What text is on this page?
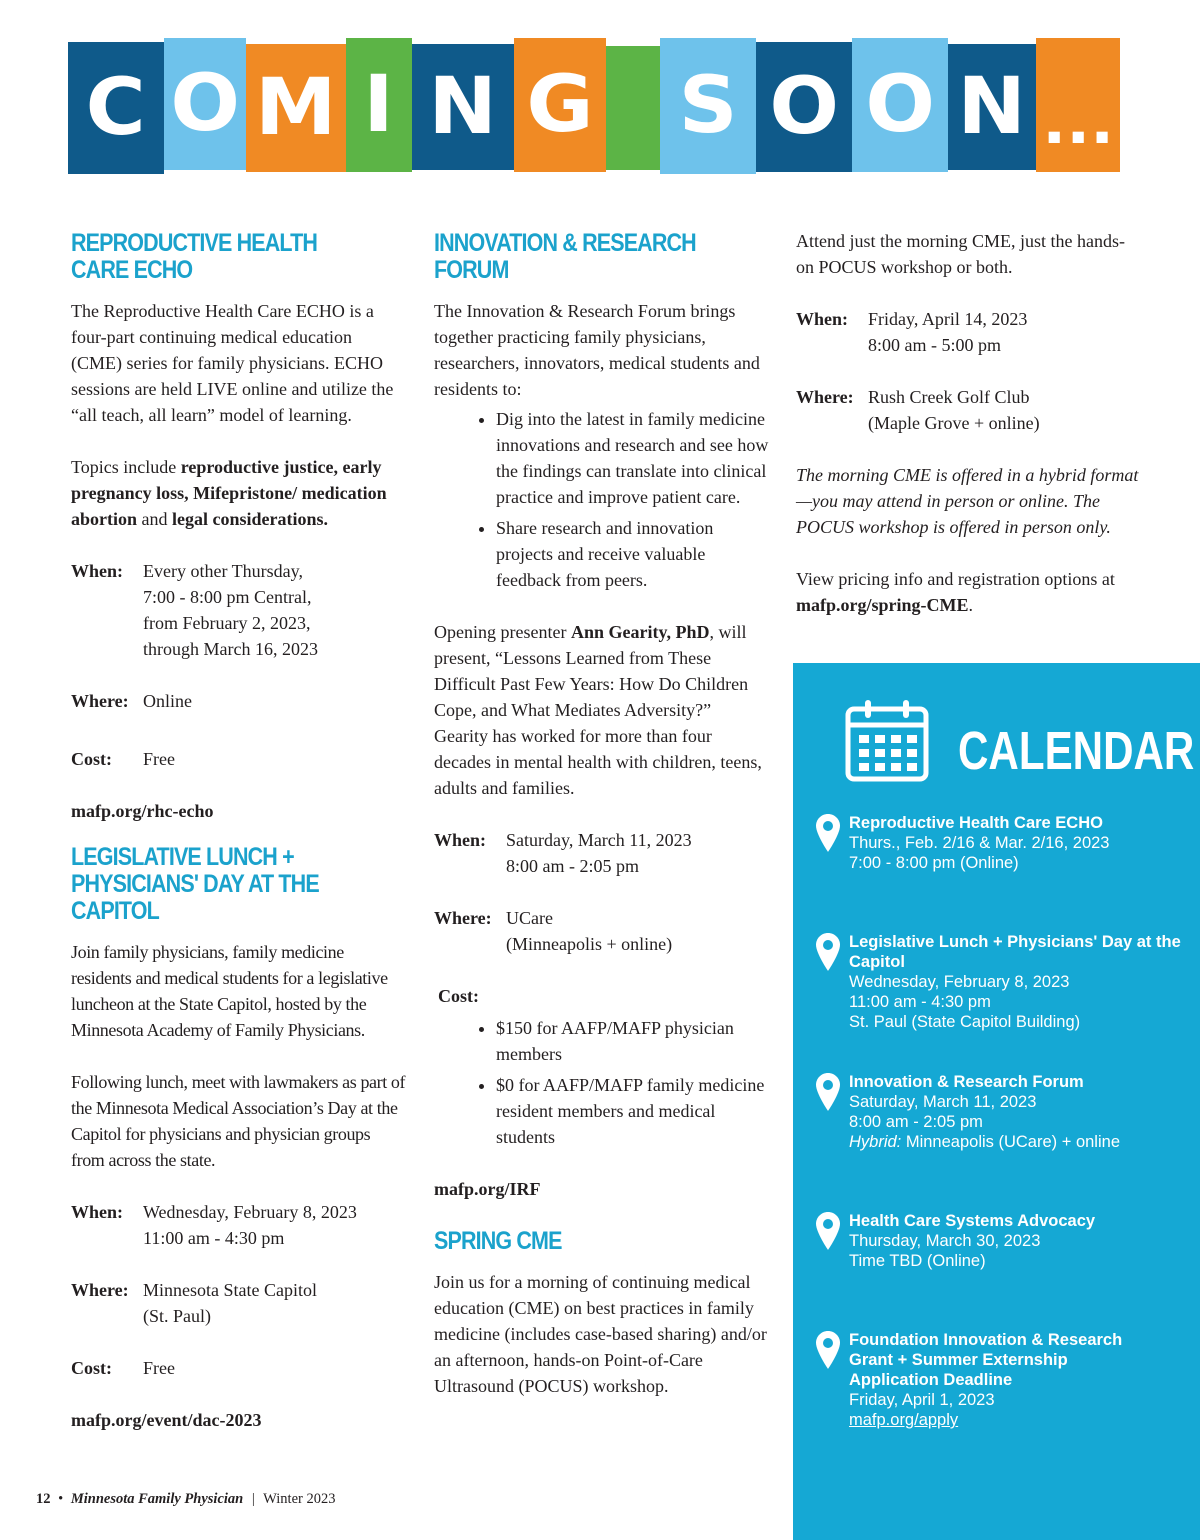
C O M I N G S O O N ...
REPRODUCTIVE HEALTH CARE ECHO

The Reproductive Health Care ECHO is a four-part continuing medical education (CME) series for family physicians. ECHO sessions are held LIVE online and utilize the “all teach, all learn” model of learning.

Topics include reproductive justice, early pregnancy loss, Mifepristone/ medication abortion and legal considerations.

When:	Every other Thursday,
7:00 - 8:00 pm Central,
from February 2, 2023,
through March 16, 2023
Where: Online
Cost:	Free
mafp.org/rhc-echo
LEGISLATIVE LUNCH + PHYSICIANS' DAY AT THE CAPITOL

Join family physicians, family medicine residents and medical students for a legislative luncheon at the State Capitol, hosted by the Minnesota Academy of Family Physicians.

Following lunch, meet with lawmakers as part of the Minnesota Medical Association’s Day at the Capitol for physicians and physician groups from across the state.

When:	Wednesday, February 8, 2023
11:00 am - 4:30 pm
Where: Minnesota State Capitol
(St. Paul)
Cost:	Free
mafp.org/event/dac-2023
INNOVATION & RESEARCH FORUM

The Innovation & Research Forum brings together practicing family physicians, researchers, innovators, medical students and residents to:

• Dig into the latest in family medicine innovations and research and see how the findings can translate into clinical practice and improve patient care.
• Share research and innovation projects and receive valuable feedback from peers.

Opening presenter Ann Gearity, PhD, will present, “Lessons Learned from These Difficult Past Few Years: How Do Children Cope, and What Mediates Adversity?” Gearity has worked for more than four decades in mental health with children, teens, adults and families.

When:	Saturday, March 11, 2023
8:00 am - 2:05 pm
Where: UCare
(Minneapolis + online)
Cost:
• $150 for AAFP/MAFP physician members
• $0 for AAFP/MAFP family medicine resident members and medical students
mafp.org/IRF
SPRING CME

Join us for a morning of continuing medical education (CME) on best practices in family medicine (includes case-based sharing) and/or an afternoon, hands-on Point-of-Care Ultrasound (POCUS) workshop.

Attend just the morning CME, just the hands-on POCUS workshop or both.

When:	Friday, April 14, 2023
8:00 am - 5:00 pm
Where: Rush Creek Golf Club
(Maple Grove + online)

The morning CME is offered in a hybrid format—you may attend in person or online. The POCUS workshop is offered in person only.

View pricing info and registration options at mafp.org/spring-CME.

CALENDAR
Reproductive Health Care ECHO
Thurs., Feb. 2/16 & Mar. 2/16, 2023
7:00 - 8:00 pm (Online)
Legislative Lunch + Physicians' Day at the Capitol
Wednesday, February 8, 2023
11:00 am - 4:30 pm
St. Paul (State Capitol Building)
Innovation & Research Forum
Saturday, March 11, 2023
8:00 am - 2:05 pm
Hybrid: Minneapolis (UCare) + online
Health Care Systems Advocacy
Thursday, March 30, 2023
Time TBD (Online)
Foundation Innovation & Research Grant + Summer Externship Application Deadline
Friday, April 1, 2023
mafp.org/apply
12 • Minnesota Family Physician | Winter 2023
